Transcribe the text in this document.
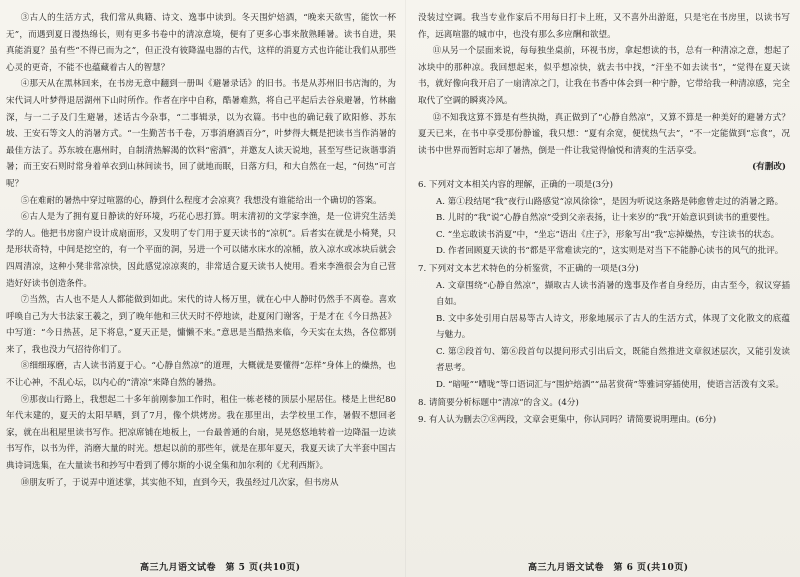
③古人的生活方式，我们常从典籍、诗文、逸事中读到。冬天围炉焙酒，“晚来天欲雪，能饮一杯无”，而遇到夏日漫热绵长，则有更多书卷中的清凉意境，便有了更多心事来散熟睡暑。读书自进，果真能消夏？虽有些“不得已而为之”，但正没有彼降温电器的古代，这样的消夏方式也许能让我们从那些心灵的更奇，不能不也蕴藏着古人的智慧？

④那天从在黑林回来，在书房无意中翻到一册叫《避暑录话》的旧书。书是从苏州旧书店淘的，为宋代词人叶梦得退居湖州下山时所作。作者在序中自称，酷暑难熬，将自己平起后去谷泉避暑，竹林幽深，与一二子及门生避暑，述话古今杂事，“二事辑录，以为衣篇。书中也的确记载了欧阳修、苏东坡、王安石等文人的消暑方式。“一生勤苦书千卷，万事消磨酒百分”，叶梦得大概是把读书当作消暑的最佳方法了。苏东坡在惠州时，自制清热解渴的饮料“密酒”，并邀友人读天说地，甚至写些记诙谐事消暑；而王安石则时常身着单衣到山林间读书，回了就地而眠，日落方归，和大自然在一起，“何热”可言呢？

⑤在难耐的暑热中穿过喧嚣的心，静到什么程度才会凉爽？我想没有谁能给出一个确切的答案。

⑥古人是为了拥有夏日静读的好环境，巧花心思打算。明末清初的文学家李渔，是一位讲究生活美学的人。他把书房窗户设计成扇面形，又发明了专门用于夏天读书的“凉杌”。后者实在就是小椅凳，只是形状奇特，中间是挖空的，有一个平面的洞，另进一个可以储水床水的凉桶，放入凉水或冰块后就会四周清凉，这种小凳非常凉快，因此感觉凉凉爽的，非常适合夏天读书人使用。看来李渔很会为自己营造好好读书创造条件。

⑦当然，古人也不是人人都能做到如此。宋代的诗人杨万里，就在心中人静时仍然手不离卷。喜欢呼唤自己为大书法家王羲之，到了晚年他和三伏天时不停地读，赴夏闲门谢客，于是才在《今日热甚》中写道：“今日热甚，足下将息，”夏天正是，慵懒不来。”意思是当酷热来临，今天实在太热，各位都别来了，我也没力气招待你们了。

⑧细细琢磨，古人读书消夏于心。“心静自然凉”的道理，大概就是要懂得“怎样”身体上的燥热，也不让心神，不乱心坛，以内心的“清凉”来降自然的暑热。

⑨那夜山行路上，我想起二十多年前刚参加工作时，租住一栋老楼的顶层小屋居住。楼是上世纪80年代末建的，夏天的太阳早晒，到了7月，像个烘烤房。我在那里出，去学校里工作，暑假不想回老家，就在出租屋里读书写作。把凉席铺在地板上，一台最普通的台扇，晃晃悠悠地转着一边降温一边读书写作，以书为伴，消磨大量的时光。想起以前的那些年，就是在那年夏天，我夏天读了大半套中国古典诗词选集，在大量读书和抄写中看到了傅尔斯的小说全集和加尔利的《尤利西斯》。

⑩朋友听了，于说弄中道述掌，其实他不知，直到今天，我虽经过几次家，但书房从

没装过空调。我当专业作家后不用每日打卡上班，又不喜外出游逛，只是宅在书房里，以读书写作，远离喧嚣的城市中，也没有那么多应酬和欲望。

⑪从另一个层面来说，每每独坐桌前，环视书房，拿起想读的书，总有一种清凉之意，想起了冰块中的那种凉。我回想起来，似乎想凉快，就去书中找，“汗坐不如去读书”，“觉得在夏天读书，就好像向我开启了一扇清凉之门，让我在书香中体会到一种宁静，它带给我一种清凉感，完全取代了空调的瞬爽冷风。

⑫不知我这算不算是有些执拗，真正做到了“心静自然凉”，又算不算是一种美好的避暑方式？夏天已来，在书中享受那份静谧，我只想：“夏有余宽，便忧热气去”，“不一定能做到“忘食”，况读书中世界而暂时忘却了暑热，倒是一件让我觉得愉悦和清爽的生活享受。

(有删改)

6. 下列对文本相关内容的理解，正确的一项是(3分)

A. 第①段结尾“我”夜行山路感觉“凉风徐徐”，是因为听说这条路是韩愈曾走过的消暑之路。

B. 儿时的“我”说“心静自然凉”受到父亲表扬，让十来岁的“我”开始意识到读书的重要性。

C. “坐忘敢读书消夏”中，“坐忘”语出《庄子》，形象写出“我”忘掉燥热，专注读书的状态。

D. 作者回顾夏天读的书“都是平常难读完的”，这实则是对当下不能静心读书的风气的批评。

7. 下列对文本艺术特色的分析鉴赏，不正确的一项是(3分)

A. 文章围绕“心静自然凉”，撷取古人读书消暑的逸事及作者自身经历，由古至今，叙议穿插自如。

B. 文中多处引用白居易等古人诗文，形象地展示了古人的生活方式，体现了文化散文的底蕴与魅力。

C. 第②段首句、第⑥段首句以提问形式引出后文，既能自然推进文章叙述层次，又能引发读者思考。

D. “暗哑”“嘈咙”等口语词汇与“围炉焙酒”“品茗赏荷”等雅词穿插使用，使语言活泼有文采。

8. 请简要分析标题中“清凉”的含义。(4分)

9. 有人认为删去⑦⑧两段，文章会更集中，你认同吗？请简要说明理由。(6分)

高三九月语文试卷　第 5 页(共10页)	高三九月语文试卷　第 6 页(共10页)
